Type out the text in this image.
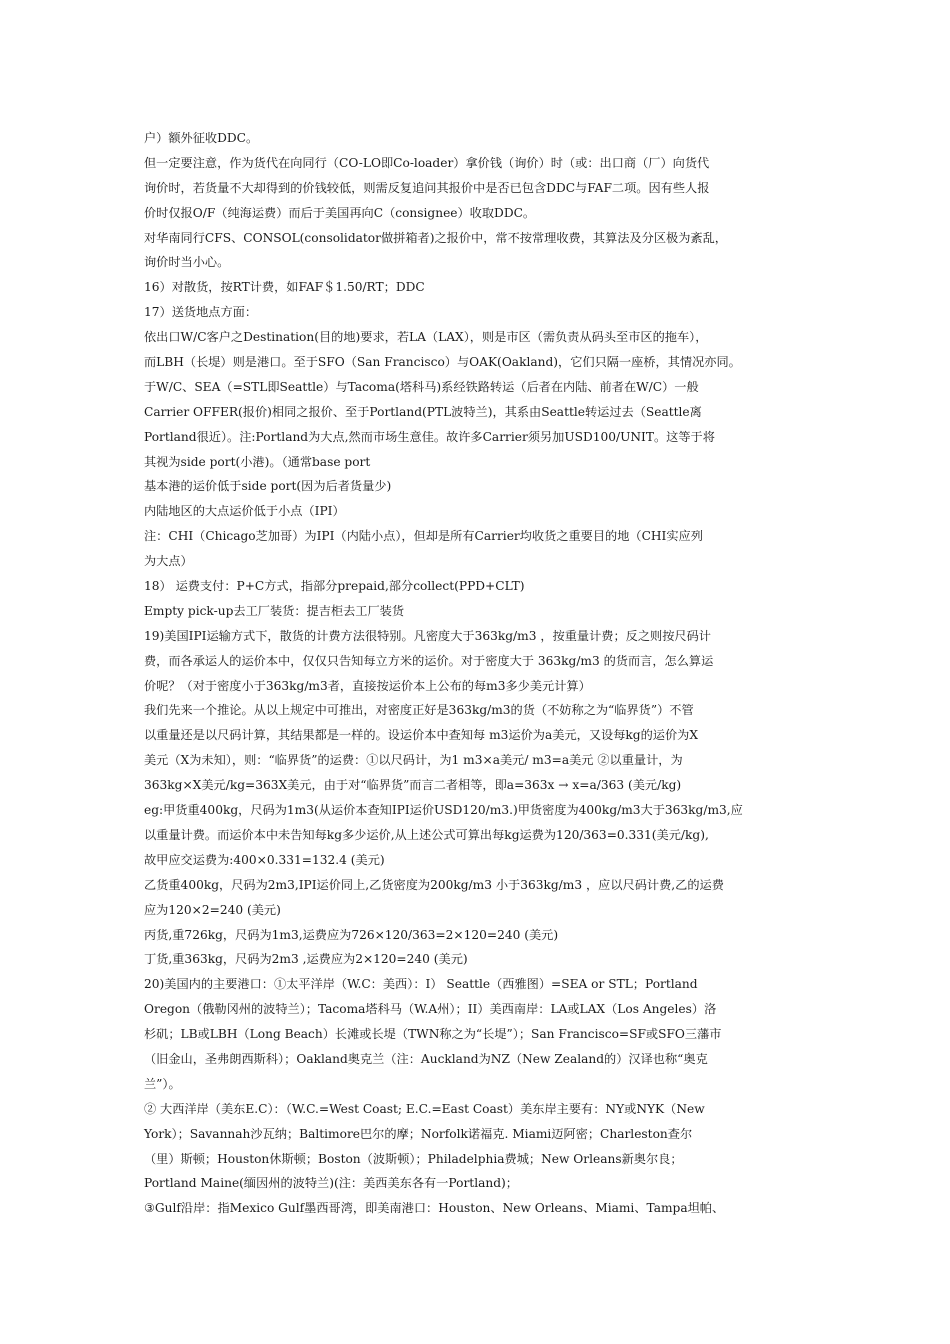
户）额外征收DDC。
但一定要注意，作为货代在向同行（CO-LO即Co-loader）拿价钱（询价）时（或：出口商（厂）向货代
询价时，若货量不大却得到的价钱较低，则需反复追问其报价中是否已包含DDC与FAF二项。因有些人报
价时仅报O/F（纯海运费）而后于美国再向C（consignee）收取DDC。
对华南同行CFS、CONSOL(consolidator做拼箱者)之报价中，常不按常理收费，其算法及分区极为紊乱，
询价时当小心。
16）对散货，按RT计费，如FAF＄1.50/RT；DDC
17）送货地点方面：
依出口W/C客户之Destination(目的地)要求，若LA（LAX），则是市区（需负责从码头至市区的拖车），
而LBH（长堤）则是港口。至于SFO（San Francisco）与OAK(Oakland)，它们只隔一座桥，其情况亦同。
于W/C、SEA（=STL即Seattle）与Tacoma(塔科马)系经铁路转运（后者在内陆、前者在W/C）一般
Carrier OFFER(报价)相同之报价、至于Portland(PTL波特兰)，其系由Seattle转运过去（Seattle离
Portland很近）。注:Portland为大点,然而市场生意佳。故许多Carrier须另加USD100/UNIT。这等于将
其视为side port(小港)。（通常base port
基本港的运价低于side port(因为后者货量少)
内陆地区的大点运价低于小点（IPI）
注：CHI（Chicago芝加哥）为IPI（内陆小点），但却是所有Carrier均收货之重要目的地（CHI实应列
为大点）
18） 运费支付：P+C方式，指部分prepaid,部分collect(PPD+CLT)
Empty pick-up去工厂装货：提吉柜去工厂装货
19)美国IPI运输方式下，散货的计费方法很特别。凡密度大于363kg/m3 ，按重量计费；反之则按尺码计
费，而各承运人的运价本中，仅仅只告知每立方米的运价。对于密度大于 363kg/m3 的货而言，怎么算运
价呢？（对于密度小于363kg/m3者，直接按运价本上公布的每m3多少美元计算）
我们先来一个推论。从以上规定中可推出，对密度正好是363kg/m3的货（不妨称之为“临界货”）不管
以重量还是以尺码计算，其结果都是一样的。设运价本中查知每 m3运价为a美元，又设每kg的运价为X
美元（X为未知），则：“临界货”的运费：①以尺码计，为1 m3×a美元/ m3=a美元 ②以重量计，为
363kg×X美元/kg=363X美元，由于对“临界货”而言二者相等，即a=363x → x=a/363 (美元/kg)
eg:甲货重400kg，尺码为1m3(从运价本查知IPI运价USD120/m3.)甲货密度为400kg/m3大于363kg/m3,应
以重量计费。而运价本中未告知每kg多少运价,从上述公式可算出每kg运费为120/363=0.331(美元/kg),
故甲应交运费为:400×0.331=132.4 (美元)
乙货重400kg，尺码为2m3,IPI运价同上,乙货密度为200kg/m3 小于363kg/m3 ，应以尺码计费,乙的运费
应为120×2=240 (美元)
丙货,重726kg，尺码为1m3,运费应为726×120/363=2×120=240 (美元)
丁货,重363kg，尺码为2m3 ,运费应为2×120=240 (美元)
20)美国内的主要港口：①太平洋岸（W.C：美西）：I） Seattle（西雅图）=SEA or STL；Portland
Oregon（俄勒冈州的波特兰）；Tacoma塔科马（W.A州）；II）美西南岸：LA或LAX（Los Angeles）洛
杉矶；LB或LBH（Long Beach）长滩或长堤（TWN称之为“长堤”）；San Francisco=SF或SFO三藩市
（旧金山，圣弗朗西斯科）；Oakland奥克兰（注：Auckland为NZ（New Zealand的）汉译也称“奥克
兰”）。
② 大西洋岸（美东E.C）：（W.C.=West Coast; E.C.=East Coast）美东岸主要有：NY或NYK（New
York）；Savannah沙瓦纳；Baltimore巴尔的摩；Norfolk诺福克. Miami迈阿密；Charleston查尔
（里）斯顿；Houston休斯顿；Boston（波斯顿）；Philadelphia费城；New Orleans新奥尔良；
Portland Maine(缅因州的波特兰)(注：美西美东各有一Portland)；
③Gulf沿岸：指Mexico Gulf墨西哥湾，即美南港口：Houston、New Orleans、Miami、Tampa坦帕、
